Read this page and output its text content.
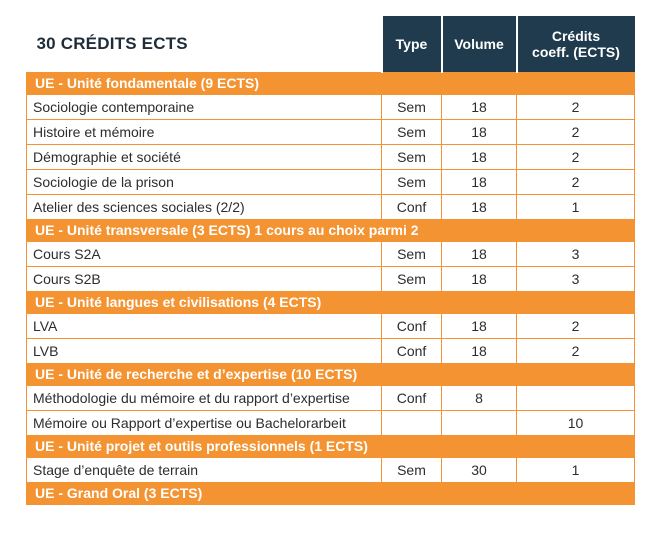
30 CRÉDITS ECTS	Type	Volume	Crédits
coeff. (ECTS)
UE - Unité fondamentale (9 ECTS)			
Sociologie contemporaine	Sem	18	2
Histoire et mémoire	Sem	18	2
Démographie et société	Sem	18	2
Sociologie de la prison	Sem	18	2
Atelier des sciences sociales (2/2)	Conf	18	1
UE - Unité transversale (3 ECTS) 1 cours au choix parmi 2			
Cours S2A	Sem	18	3
Cours S2B	Sem	18	3
UE - Unité langues et civilisations (4 ECTS)			
LVA	Conf	18	2
LVB	Conf	18	2
UE - Unité de recherche et d’expertise (10 ECTS)			
Méthodologie du mémoire et du rapport d’expertise	Conf	8	
Mémoire ou Rapport d’expertise ou Bachelorarbeit			10
UE - Unité projet et outils professionnels (1 ECTS)			
Stage d’enquête de terrain	Sem	30	1
UE - Grand Oral (3 ECTS)			
